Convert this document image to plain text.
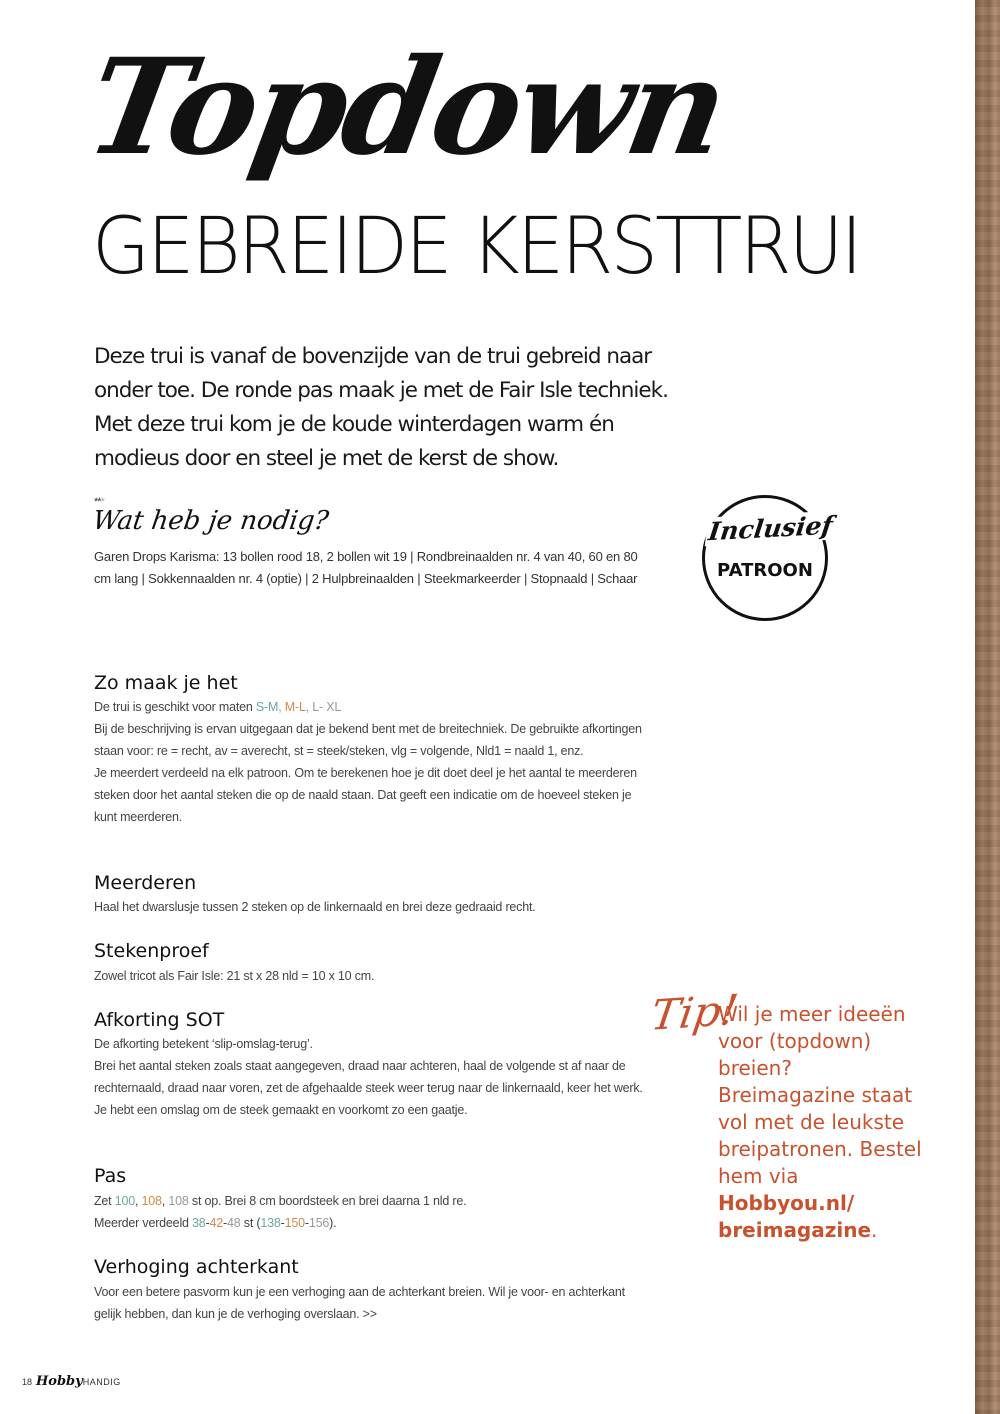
Topdown
GEBREIDE KERSTTRUI

Deze trui is vanaf de bovenzijde van de trui gebreid naar onder toe. De ronde pas maak je met de Fair Isle techniek. Met deze trui kom je de koude winterdagen warm én modieus door en steel je met de kerst de show.

***
Wat heb je nodig?

Garen Drops Karisma: 13 bollen rood 18, 2 bollen wit 19 | Rondbreinaalden nr. 4 van 40, 60 en 80 cm lang | Sokkennaalden nr. 4 (optie) | 2 Hulpbreinaalden | Steekmarkeerder | Stopnaald | Schaar

Inclusief
PATROON
Zo maak je het

De trui is geschikt voor maten S-M, M-L, L- XL
Bij de beschrijving is ervan uitgegaan dat je bekend bent met de breitechniek. De gebruikte afkortingen staan voor: re = recht, av = averecht, st = steek/steken, vlg = volgende, Nld1 = naald 1, enz.
Je meerdert verdeeld na elk patroon. Om te berekenen hoe je dit doet deel je het aantal te meerderen steken door het aantal steken die op de naald staan. Dat geeft een indicatie om de hoeveel steken je kunt meerderen.

Meerderen

Haal het dwarslusje tussen 2 steken op de linkernaald en brei deze gedraaid recht.

Stekenproef

Zowel tricot als Fair Isle: 21 st x 28 nld = 10 x 10 cm.

Afkorting SOT

De afkorting betekent ‘slip-omslag-terug’.
Brei het aantal steken zoals staat aangegeven, draad naar achteren, haal de volgende st af naar de rechternaald, draad naar voren, zet de afgehaalde steek weer terug naar de linkernaald, keer het werk. Je hebt een omslag om de steek gemaakt en voorkomt zo een gaatje.

Pas

Zet 100, 108, 108 st op. Brei 8 cm boordsteek en brei daarna 1 nld re.
Meerder verdeeld 38-42-48 st (138-150-156).

Verhoging achterkant

Voor een betere pasvorm kun je een verhoging aan de achterkant breien. Wil je voor- en achterkant gelijk hebben, dan kun je de verhoging overslaan. >>

Tip!

Wil je meer ideeën voor (topdown) breien? Breimagazine staat vol met de leukste breipatronen. Bestel hem via Hobbyou.nl/ breimagazine.

18 HobbyHANDIG
